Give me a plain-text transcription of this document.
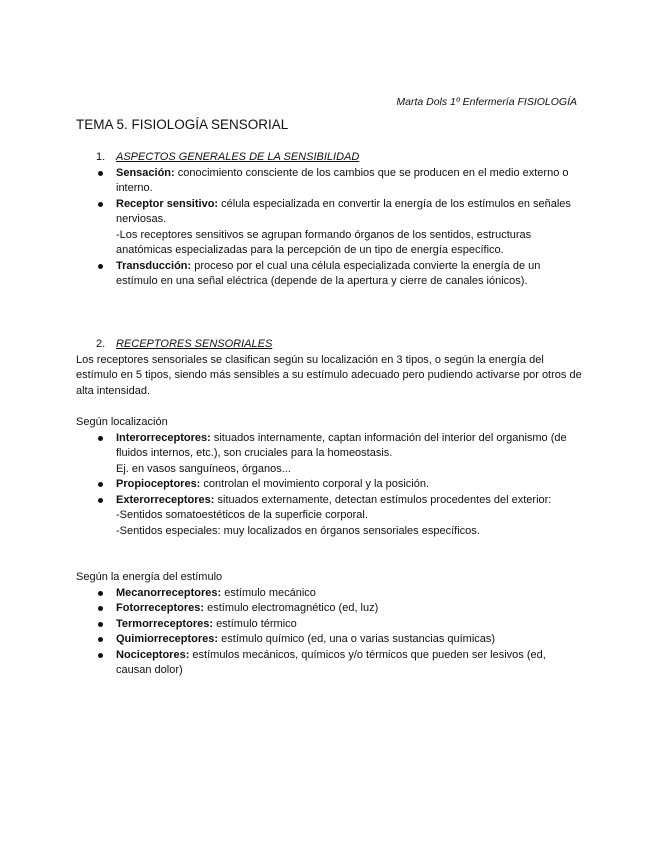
Marta Dols 1º Enfermería FISIOLOGÍA
TEMA 5. FISIOLOGÍA SENSORIAL
1. ASPECTOS GENERALES DE LA SENSIBILIDAD
Sensación: conocimiento consciente de los cambios que se producen en el medio externo o interno.
Receptor sensitivo: célula especializada en convertir la energía de los estímulos en señales nerviosas.
-Los receptores sensitivos se agrupan formando órganos de los sentidos, estructuras anatómicas especializadas para la percepción de un tipo de energía específico.
Transducción: proceso por el cual una célula especializada convierte la energía de un estímulo en una señal eléctrica (depende de la apertura y cierre de canales iónicos).
2. RECEPTORES SENSORIALES

Los receptores sensoriales se clasifican según su localización en 3 tipos, o según la energía del estímulo en 5 tipos, siendo más sensibles a su estímulo adecuado pero pudiendo activarse por otros de alta intensidad.

Según localización

Interorreceptores: situados internamente, captan información del interior del organismo (de fluidos internos, etc.), son cruciales para la homeostasis.
Ej. en vasos sanguíneos, órganos...
Propioceptores: controlan el movimiento corporal y la posición.
Exterorreceptores: situados externamente, detectan estímulos procedentes del exterior:
-Sentidos somatoestéticos de la superficie corporal.
-Sentidos especiales: muy localizados en órganos sensoriales específicos.

Según la energía del estímulo

Mecanorreceptores: estímulo mecánico
Fotorreceptores: estímulo electromagnético (ed, luz)
Termorreceptores: estímulo térmico
Quimiorreceptores: estímulo químico (ed, una o varias sustancias químicas)
Nociceptores: estímulos mecánicos, químicos y/o térmicos que pueden ser lesivos (ed, causan dolor)
